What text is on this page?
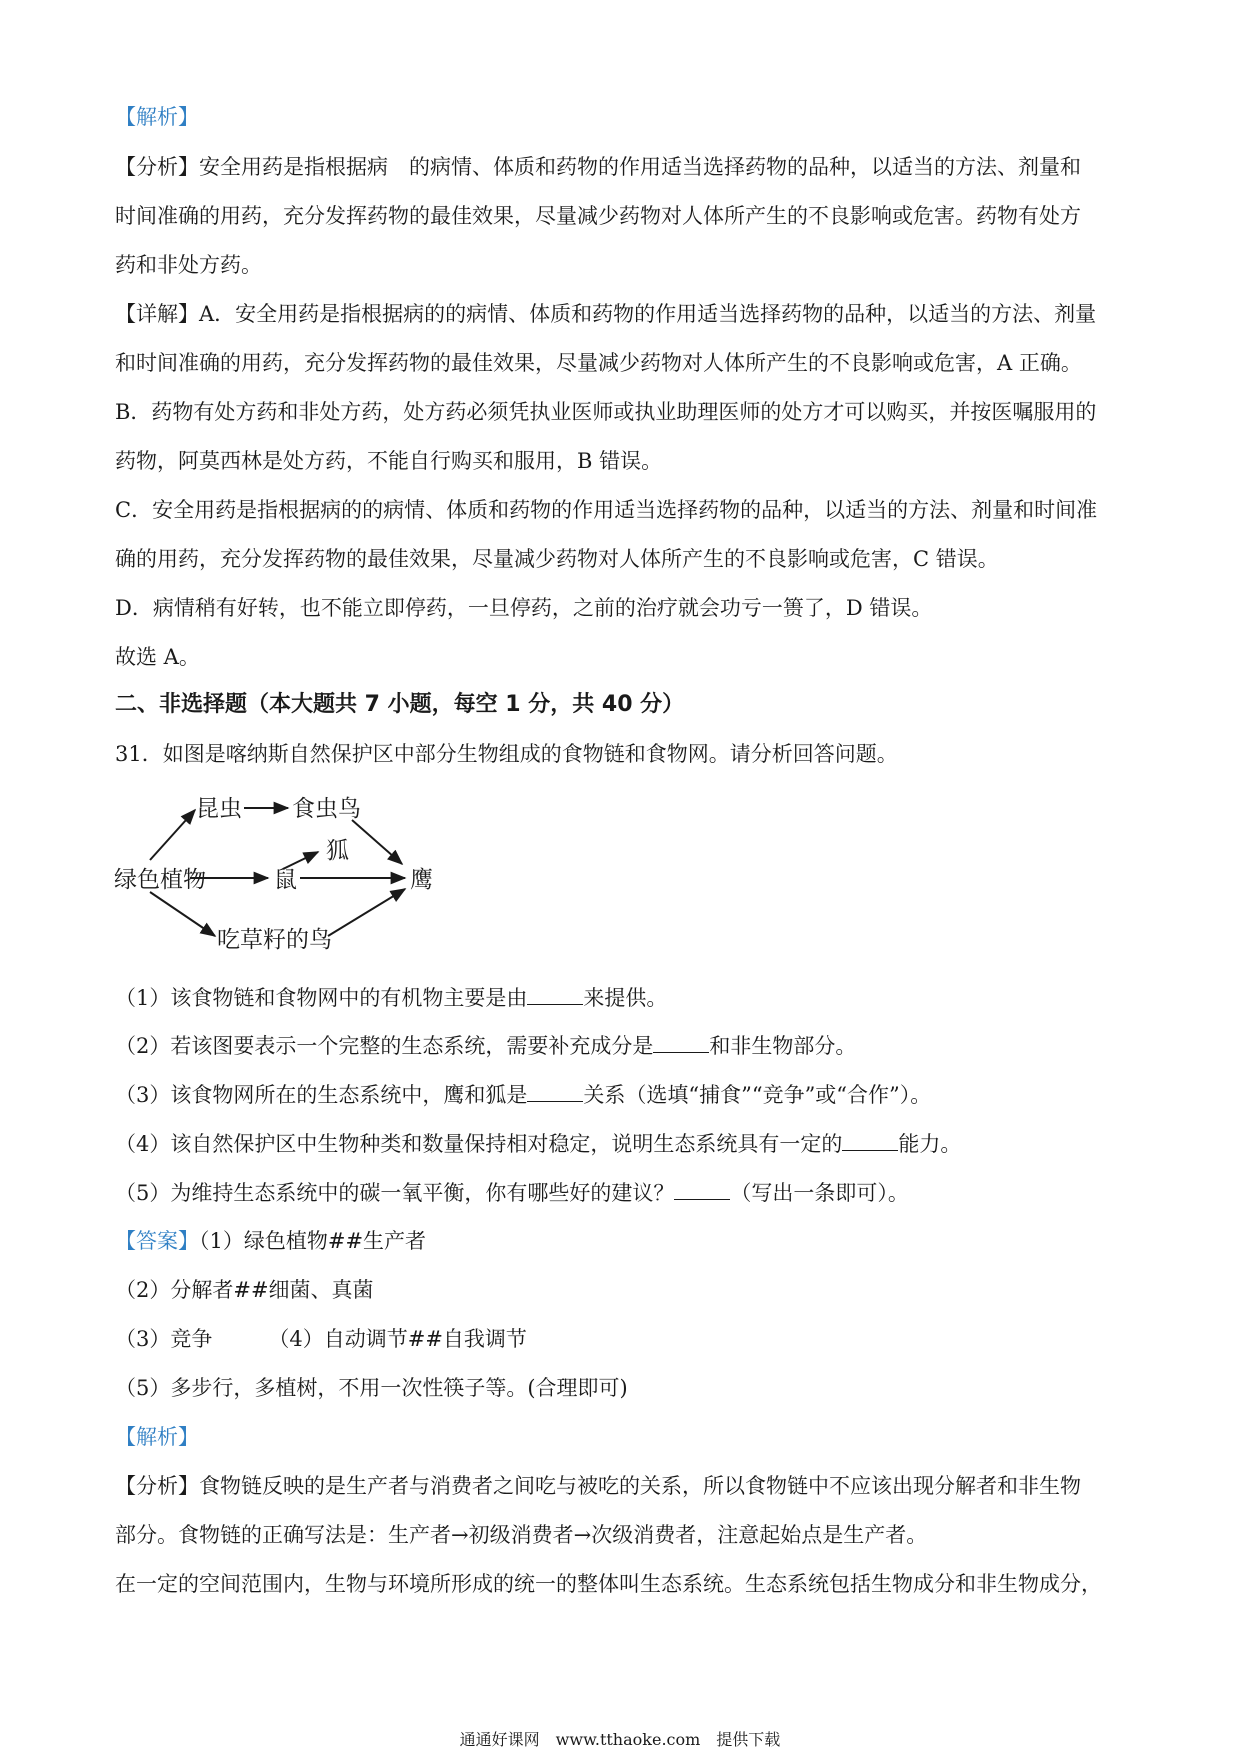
【解析】
【分析】安全用药是指根据病　的病情、体质和药物的作用适当选择药物的品种，以适当的方法、剂量和
时间准确的用药，充分发挥药物的最佳效果，尽量减少药物对人体所产生的不良影响或危害。药物有处方
药和非处方药。
【详解】A．安全用药是指根据病的的病情、体质和药物的作用适当选择药物的品种，以适当的方法、剂量
和时间准确的用药，充分发挥药物的最佳效果，尽量减少药物对人体所产生的不良影响或危害，A 正确。
B．药物有处方药和非处方药，处方药必须凭执业医师或执业助理医师的处方才可以购买，并按医嘱服用的
药物，阿莫西林是处方药，不能自行购买和服用，B 错误。
C．安全用药是指根据病的的病情、体质和药物的作用适当选择药物的品种，以适当的方法、剂量和时间准
确的用药，充分发挥药物的最佳效果，尽量减少药物对人体所产生的不良影响或危害，C 错误。
D．病情稍有好转，也不能立即停药，一旦停药，之前的治疗就会功亏一篑了，D 错误。
故选 A。
二、非选择题（本大题共 7 小题，每空 1 分，共 40 分）
31．如图是喀纳斯自然保护区中部分生物组成的食物链和食物网。请分析回答问题。
昆虫 食虫鸟
狐
绿色植物	鼠	鹰
吃草籽的鸟
（1）该食物链和食物网中的有机物主要是由	来提供。
（2）若该图要表示一个完整的生态系统，需要补充成分是	和非生物部分。
（3）该食物网所在的生态系统中，鹰和狐是	关系（选填“捕食”“竞争”或“合作”）。
（4）该自然保护区中生物种类和数量保持相对稳定，说明生态系统具有一定的	能力。
（5）为维持生态系统中的碳一氧平衡，你有哪些好的建议？	（写出一条即可）。
【答案】（1）绿色植物##生产者
（2）分解者##细菌、真菌
（3）竞争	（4）自动调节##自我调节
（5）多步行，多植树，不用一次性筷子等。(合理即可)
【解析】
【分析】食物链反映的是生产者与消费者之间吃与被吃的关系，所以食物链中不应该出现分解者和非生物
部分。食物链的正确写法是：生产者→初级消费者→次级消费者，注意起始点是生产者。
在一定的空间范围内，生物与环境所形成的统一的整体叫生态系统。生态系统包括生物成分和非生物成分，
通通好课网　www.tthaoke.com　提供下载
